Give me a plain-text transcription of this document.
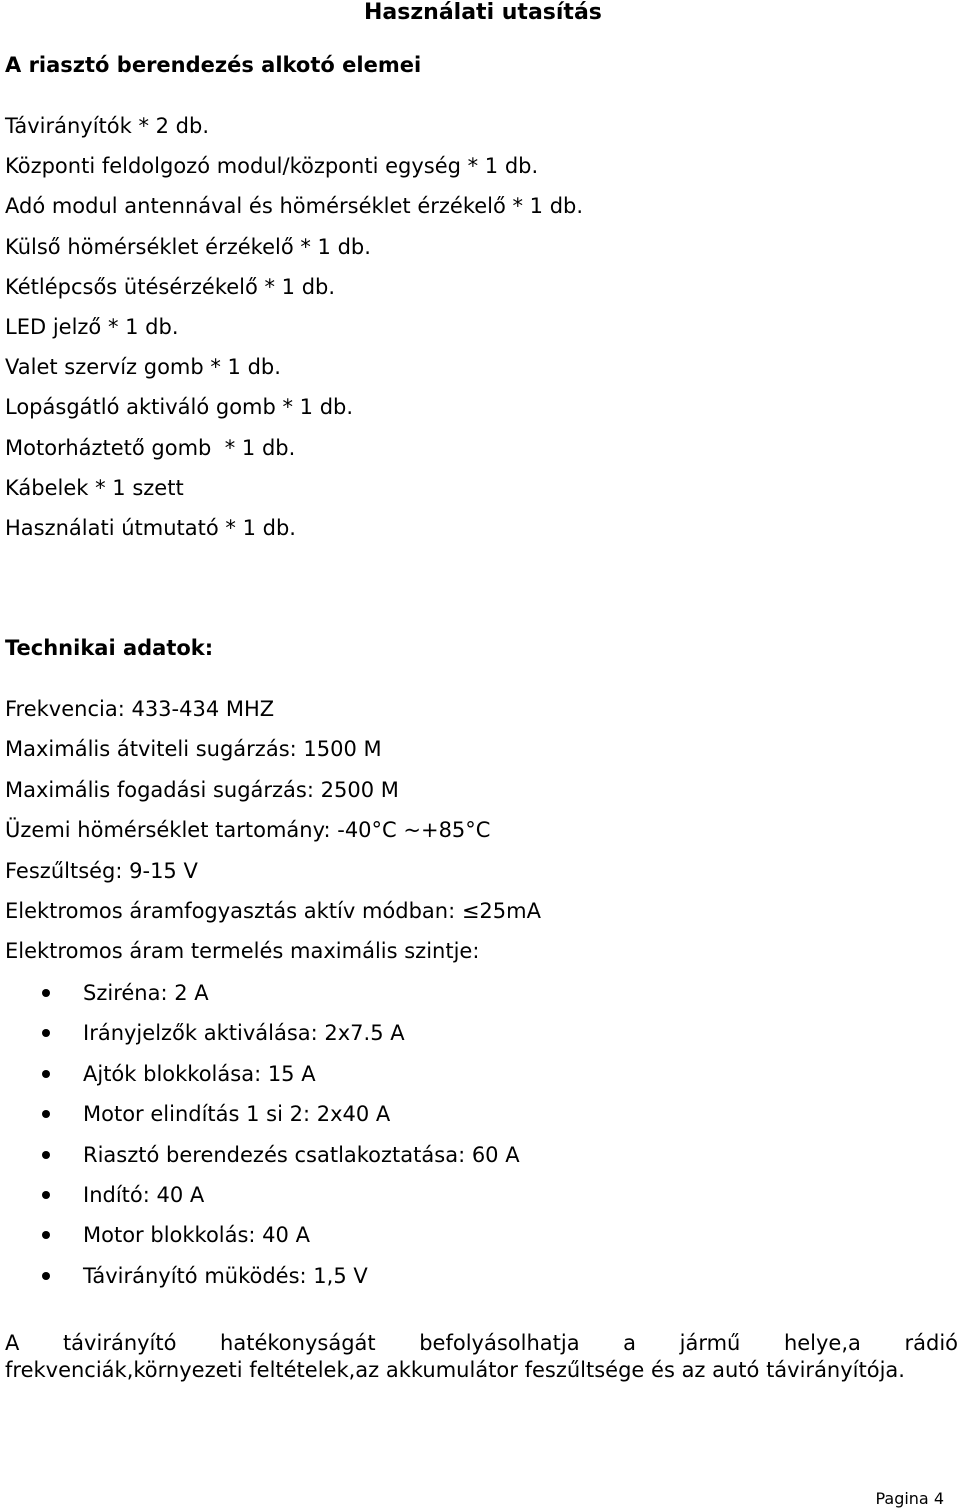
Használati utasítás
A riasztó berendezés alkotó elemei
Távirányítók * 2 db.
Központi feldolgozó modul/központi egység * 1 db.
Adó modul antennával és hömérséklet érzékelő * 1 db.
Külső hömérséklet érzékelő * 1 db.
Kétlépcsős ütésérzékelő * 1 db.
LED jelző * 1 db.
Valet szervíz gomb * 1 db.
Lopásgátló aktiváló gomb * 1 db.
Motorháztető gomb  * 1 db.
Kábelek * 1 szett
Használati útmutató * 1 db.
Technikai adatok:
Frekvencia: 433-434 MHZ
Maximális átviteli sugárzás: 1500 M
Maximális fogadási sugárzás: 2500 M
Üzemi hömérséklet tartomány: -40°C ~+85°C
Feszűltség: 9-15 V
Elektromos áramfogyasztás aktív módban: ≤25mA
Elektromos áram termelés maximális szintje:
Sziréna: 2 A
Irányjelzők aktiválása: 2x7.5 A
Ajtók blokkolása: 15 A
Motor elindítás 1 si 2: 2x40 A
Riasztó berendezés csatlakoztatása: 60 A
Indító: 40 A
Motor blokkolás: 40 A
Távirányító müködés: 1,5 V
A távirányító hatékonyságát befolyásolhatja a jármű helye,a rádió
frekvenciák,környezeti feltételek,az akkumulátor feszűltsége és az autó távirányítója.
Pagina 4
